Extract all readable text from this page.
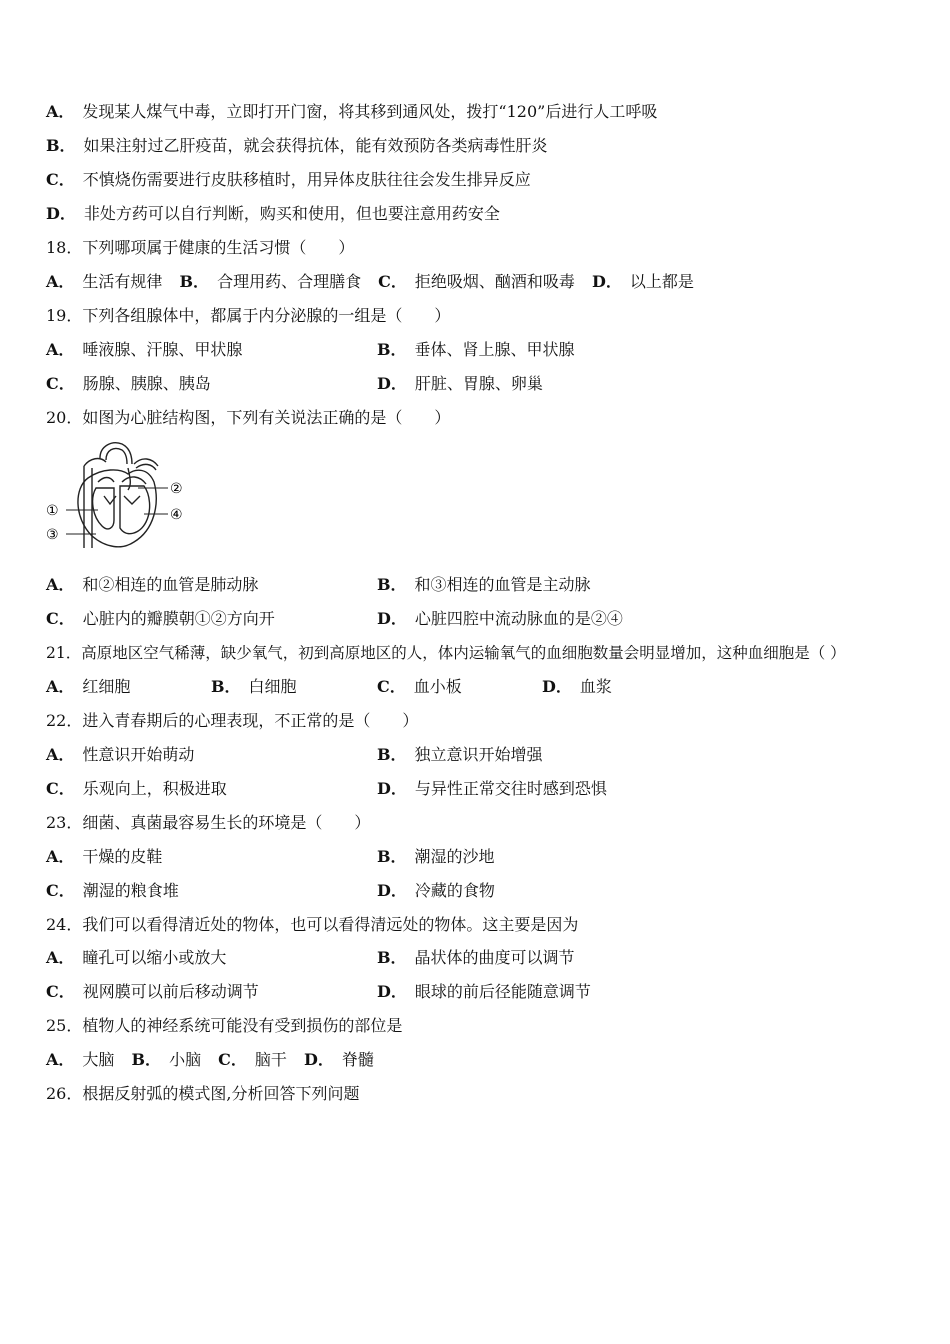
A． 发现某人煤气中毒，立即打开门窗，将其移到通风处，拨打“120”后进行人工呼吸
B． 如果注射过乙肝疫苗，就会获得抗体，能有效预防各类病毒性肝炎
C． 不慎烧伤需要进行皮肤移植时，用异体皮肤往往会发生排异反应
D． 非处方药可以自行判断，购买和使用，但也要注意用药安全
18．下列哪项属于健康的生活习惯（　　）
A． 生活有规律 B． 合理用药、合理膳食 C． 拒绝吸烟、酗酒和吸毒 D． 以上都是
19．下列各组腺体中，都属于内分泌腺的一组是（　　）
A． 唾液腺、汗腺、甲状腺	B． 垂体、肾上腺、甲状腺
C． 肠腺、胰腺、胰岛	D． 肝脏、胃腺、卵巢
20．如图为心脏结构图，下列有关说法正确的是（　　）
①
②
③
④
A． 和②相连的血管是肺动脉	B． 和③相连的血管是主动脉
C． 心脏内的瓣膜朝①②方向开	D． 心脏四腔中流动脉血的是②④
21．高原地区空气稀薄，缺少氧气，初到高原地区的人，体内运输氧气的血细胞数量会明显增加，这种血细胞是（ ）
A． 红细胞	B． 白细胞	C． 血小板	D． 血浆
22．进入青春期后的心理表现，不正常的是（　　）
A． 性意识开始萌动	B． 独立意识开始增强
C． 乐观向上，积极进取	D． 与异性正常交往时感到恐惧
23．细菌、真菌最容易生长的环境是（　　）
A． 干燥的皮鞋	B． 潮湿的沙地
C． 潮湿的粮食堆	D． 冷藏的食物
24．我们可以看得清近处的物体，也可以看得清远处的物体。这主要是因为
A． 瞳孔可以缩小或放大	B． 晶状体的曲度可以调节
C． 视网膜可以前后移动调节	D． 眼球的前后径能随意调节
25．植物人的神经系统可能没有受到损伤的部位是
A． 大脑 B． 小脑 C． 脑干 D． 脊髓
26．根据反射弧的模式图,分析回答下列问题
